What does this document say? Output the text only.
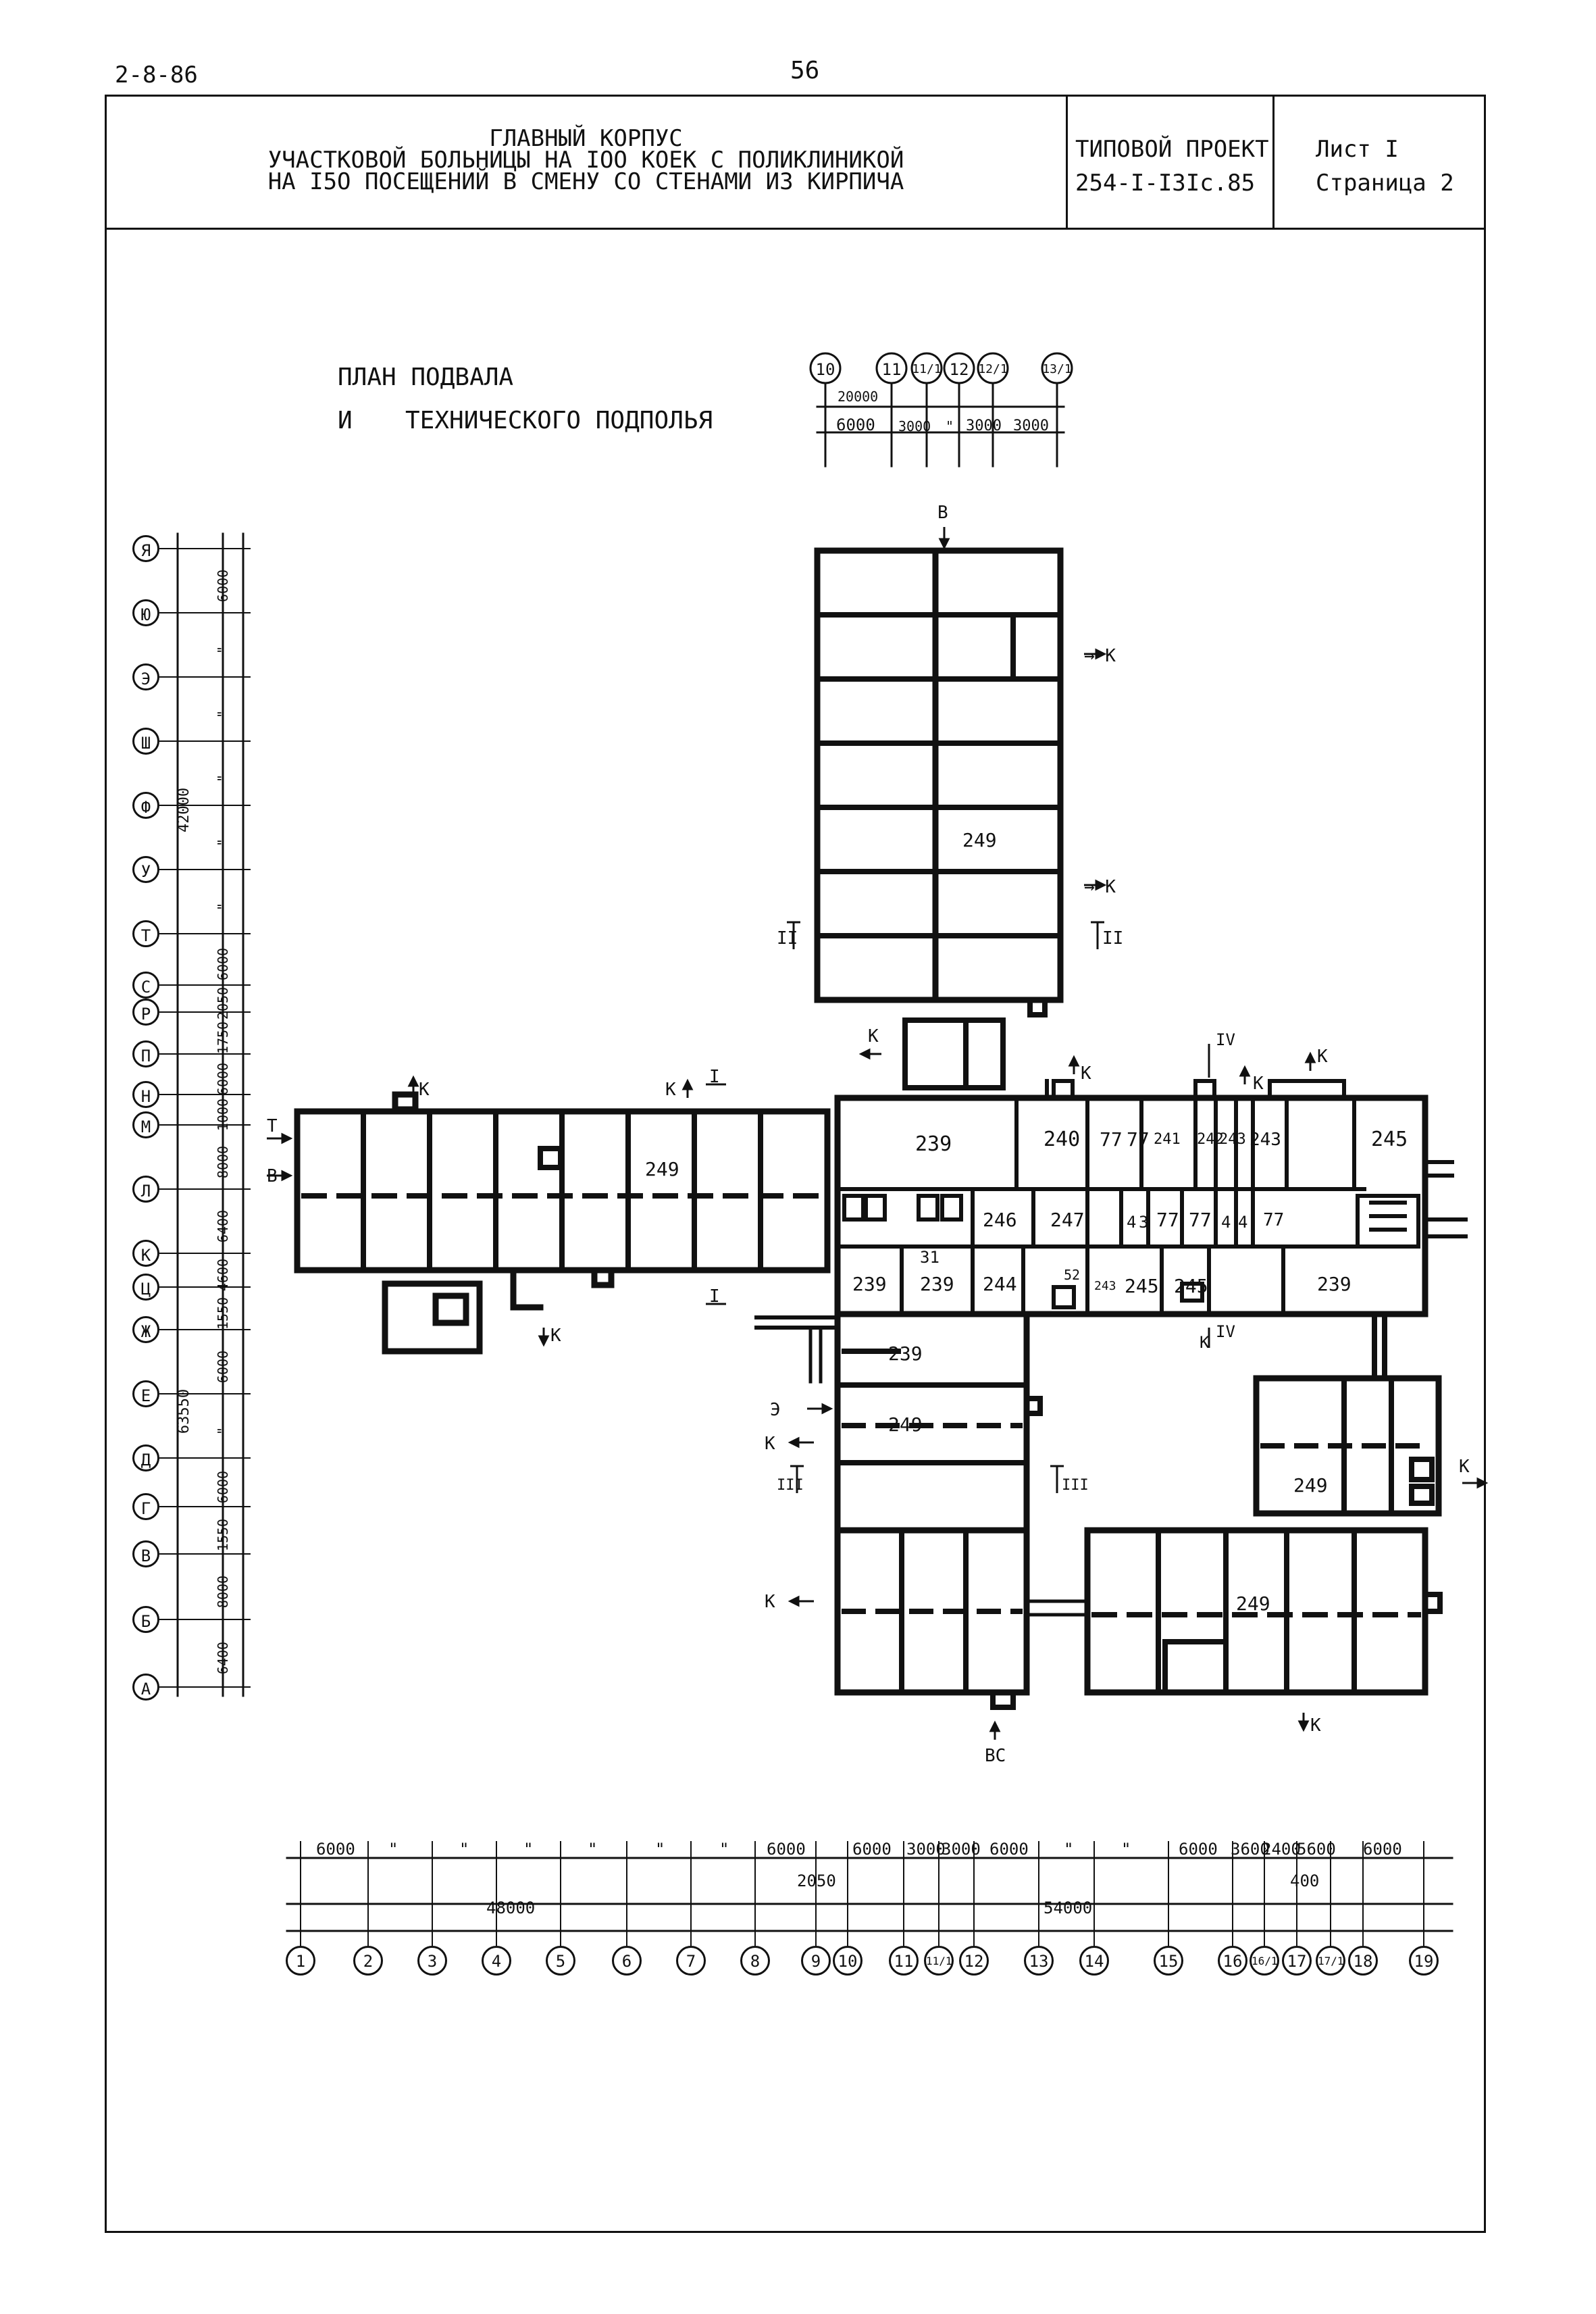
2-8-86	56
ГЛАВНЫЙ КОРПУС
УЧАСТКОВОЙ БОЛЬНИЦЫ НА IOO КОЕК С ПОЛИКЛИНИКОЙ
НА I5O ПОСЕЩЕНИЙ В СМЕНУ СО СТЕНАМИ ИЗ КИРПИЧА
ТИПОВОЙ ПРОЕКТ
254-I-I3Ic.85
Лист I
Страница 2
ПЛАН ПОДВАЛА
И ТЕХНИЧЕСКОГО ПОДПОЛЬЯ
10	11 11/1 12 12/1	13/1
20000
6000 3000 " 3000 3000
Я
Ю
Э
Ш
Ф
У
Т
С
Р
П
Н
М
Л
К
Ц
Ж
Е
Д
Г
В
Б
А
6000
"
"
"
"
"
6000
2050
1750
6000
1000
8000
6400
4600
1550
6000
"
6000
1550
8000
6400
42000
63550
1	2	3	4	5	6	7	8	9	10	11	11/1 12	13	14	15	16 16/1 17	17/1 18	19
6000 "	"	"	"	"	" 6000	6000 3000
3000 6000 "	"	6000 3600
2400
5600 6000
48000
2050
54000
400
249
249
239	240 77 77 241 242
243 243	245
246 247	4 3 77 77 4 4 77
31
239 239 244	52
243 245 245	239
239
249
249
249
В
→ К
→ К
II	II
К
К	К
I	К
IV
К
К
Т
В
К
I
IV
К
Э
К
III	III
К
К
ВС
К
